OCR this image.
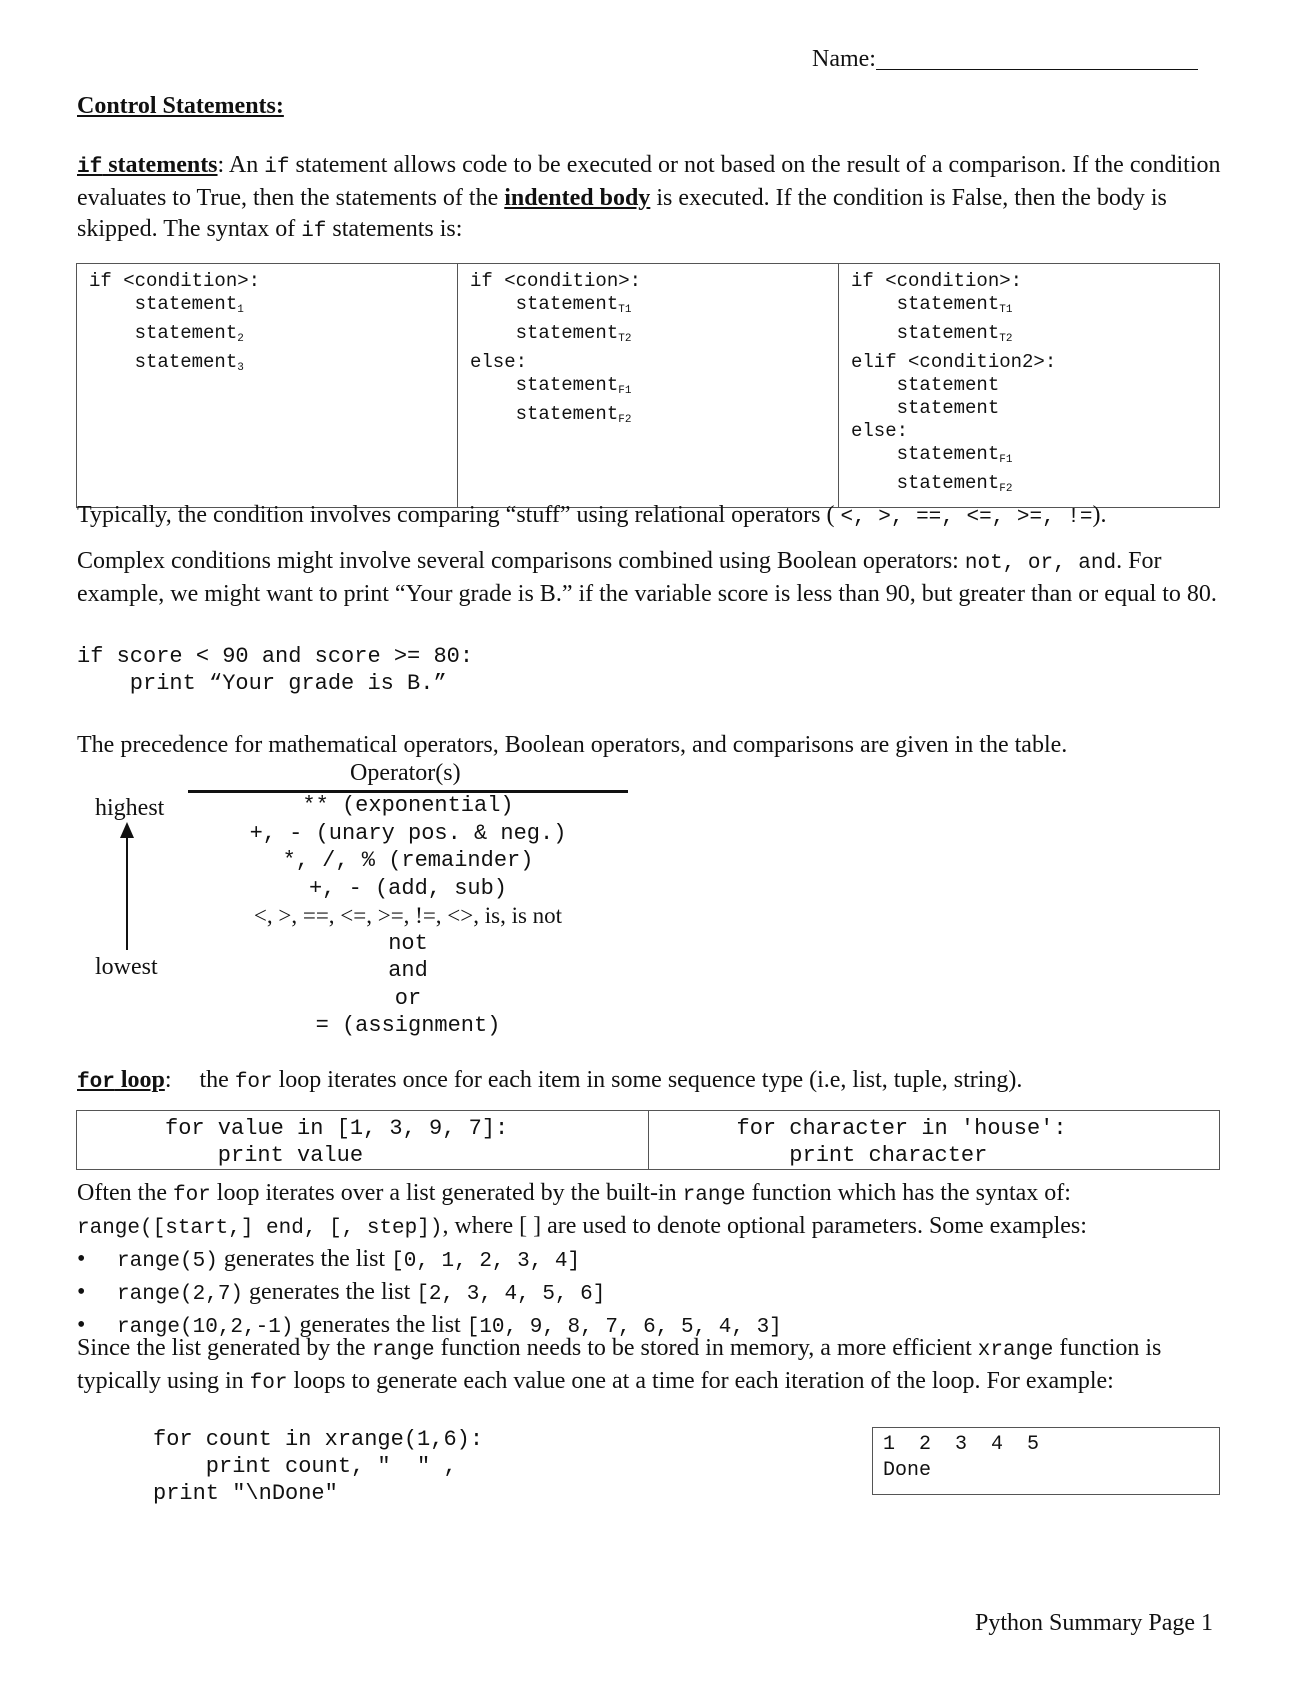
Name:
Control Statements:
if statements: An if statement allows code to be executed or not based on the result of a comparison. If the condition evaluates to True, then the statements of the indented body is executed. If the condition is False, then the body is skipped. The syntax of if statements is:
if <condition>:
statement$_1$
statement$_2$
statement$_3$

if <condition>:
statement$_{T1}$
statement$_{T2}$
else:
statement$_{F1}$
statement$_{F2}$

if <condition>:
statement$_{T1}$
statement$_{T2}$
elif <condition2>:
statement
statement
else:
statement$_{F1}$
statement$_{F2}$
Typically, the condition involves comparing “stuff” using relational operators ( <, >, ==, <=, >=, !=).
Complex conditions might involve several comparisons combined using Boolean operators: not, or, and. For example, we might want to print “Your grade is B.” if the variable score is less than 90, but greater than or equal to 80.
if score < 90 and score >= 80:
print “Your grade is B.”
The precedence for mathematical operators, Boolean operators, and comparisons are given in the table.
Operator(s)
highest
lowest
** (exponential)
+, - (unary pos. & neg.)
*, /, % (remainder)
+, - (add, sub)
<, >, ==, <=, >=, !=, <>, is, is not
not
and
or
= (assignment)
for loop: the for loop iterates once for each item in some sequence type (i.e, list, tuple, string).
for value in [1, 3, 9, 7]:
print value

for character in 'house':
print character
Often the for loop iterates over a list generated by the built-in range function which has the syntax of:
range([start,] end, [, step]), where [ ] are used to denote optional parameters. Some examples:
•	range(5) generates the list [0, 1, 2, 3, 4]
•	range(2,7) generates the list [2, 3, 4, 5, 6]
•	range(10,2,-1) generates the list [10, 9, 8, 7, 6, 5, 4, 3]
Since the list generated by the range function needs to be stored in memory, a more efficient xrange function is typically using in for loops to generate each value one at a time for each iteration of the loop. For example:
for count in xrange(1,6):
print count, "  " ,
print "\nDone"
1  2  3  4  5
Done
Python Summary Page 1
